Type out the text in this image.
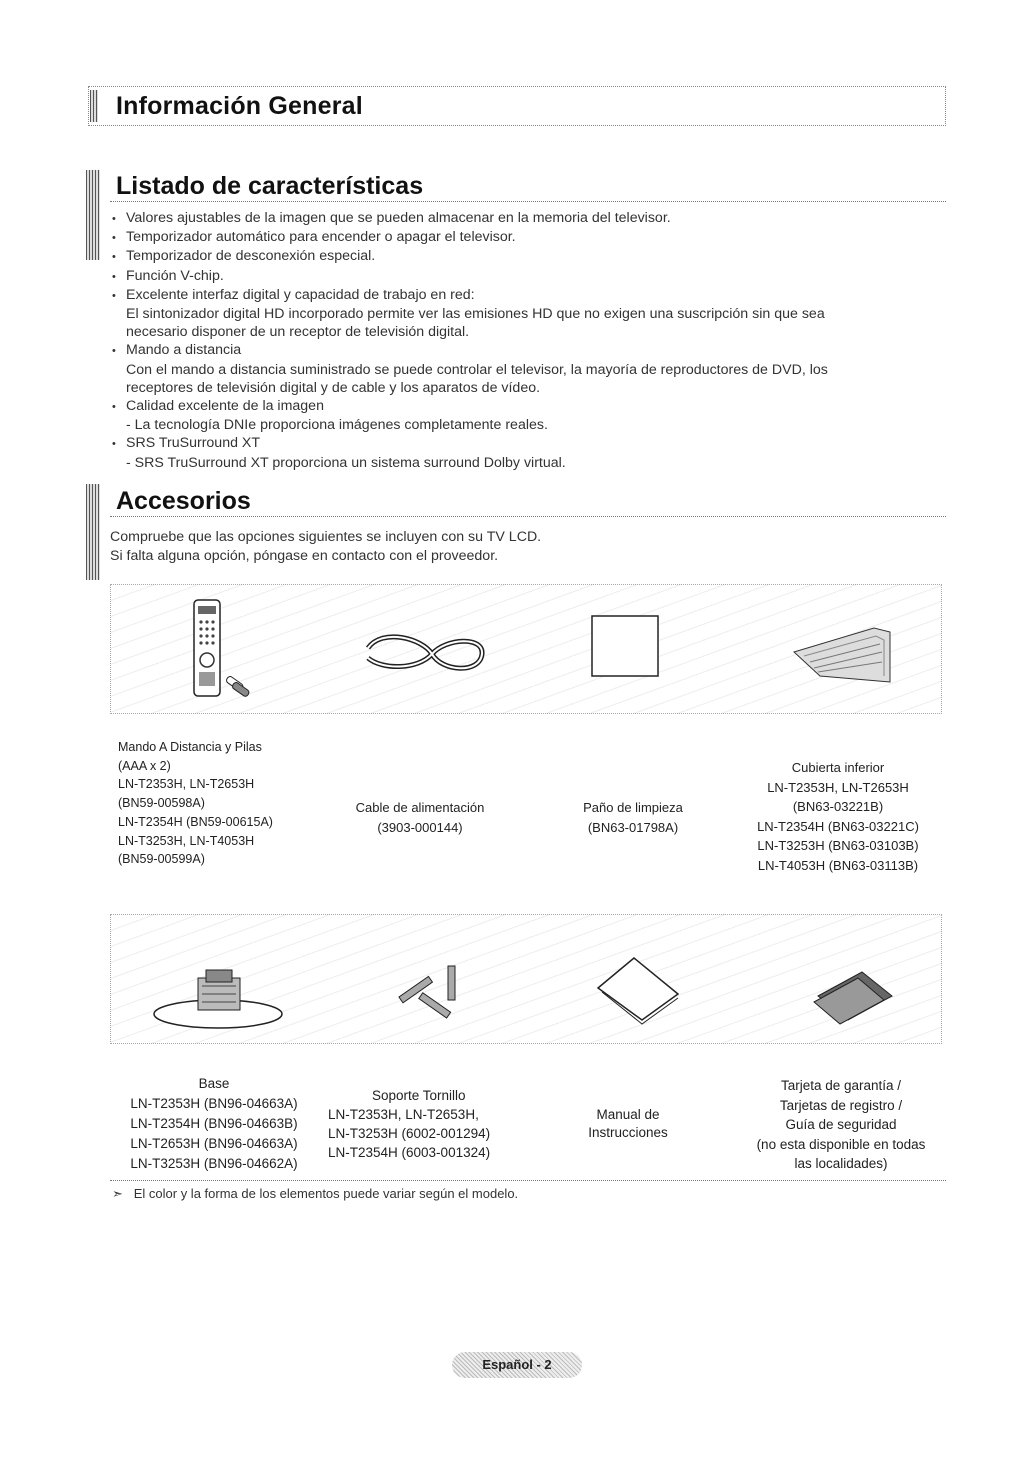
Información General
Listado de características
• Valores ajustables de la imagen que se pueden almacenar en la memoria del televisor.
• Temporizador automático para encender o apagar el televisor.
• Temporizador de desconexión especial.
• Función V-chip.
• Excelente interfaz digital y capacidad de trabajo en red:
El sintonizador digital HD incorporado permite ver las emisiones HD que no exigen una suscripción sin que sea
necesario disponer de un receptor de televisión digital.
• Mando a distancia
Con el mando a distancia suministrado se puede controlar el televisor, la mayoría de reproductores de DVD, los
receptores de televisión digital y de cable y los aparatos de vídeo.
• Calidad excelente de la imagen
- La tecnología DNIe proporciona imágenes completamente reales.
• SRS TruSurround XT
- SRS TruSurround XT proporciona un sistema surround Dolby virtual.
Accesorios
Compruebe que las opciones siguientes se incluyen con su TV LCD.
Si falta alguna opción, póngase en contacto con el proveedor.
Mando A Distancia y Pilas
(AAA x 2)
LN-T2353H, LN-T2653H
(BN59-00598A)
LN-T2354H (BN59-00615A)
LN-T3253H, LN-T4053H
(BN59-00599A)
Cable de alimentación
(3903-000144)
Paño de limpieza
(BN63-01798A)
Cubierta inferior
LN-T2353H, LN-T2653H
(BN63-03221B)
LN-T2354H (BN63-03221C)
LN-T3253H (BN63-03103B)
LN-T4053H (BN63-03113B)
Base
LN-T2353H (BN96-04663A)
LN-T2354H (BN96-04663B)
LN-T2653H (BN96-04663A)
LN-T3253H (BN96-04662A)
Soporte Tornillo
LN-T2353H, LN-T2653H,
LN-T3253H (6002-001294)
LN-T2354H (6003-001324)
Manual de
Instrucciones
Tarjeta de garantía /
Tarjetas de registro /
Guía de seguridad
(no esta disponible en todas
las localidades)
➣   El color y la forma de los elementos puede variar según el modelo.
Español - 2
